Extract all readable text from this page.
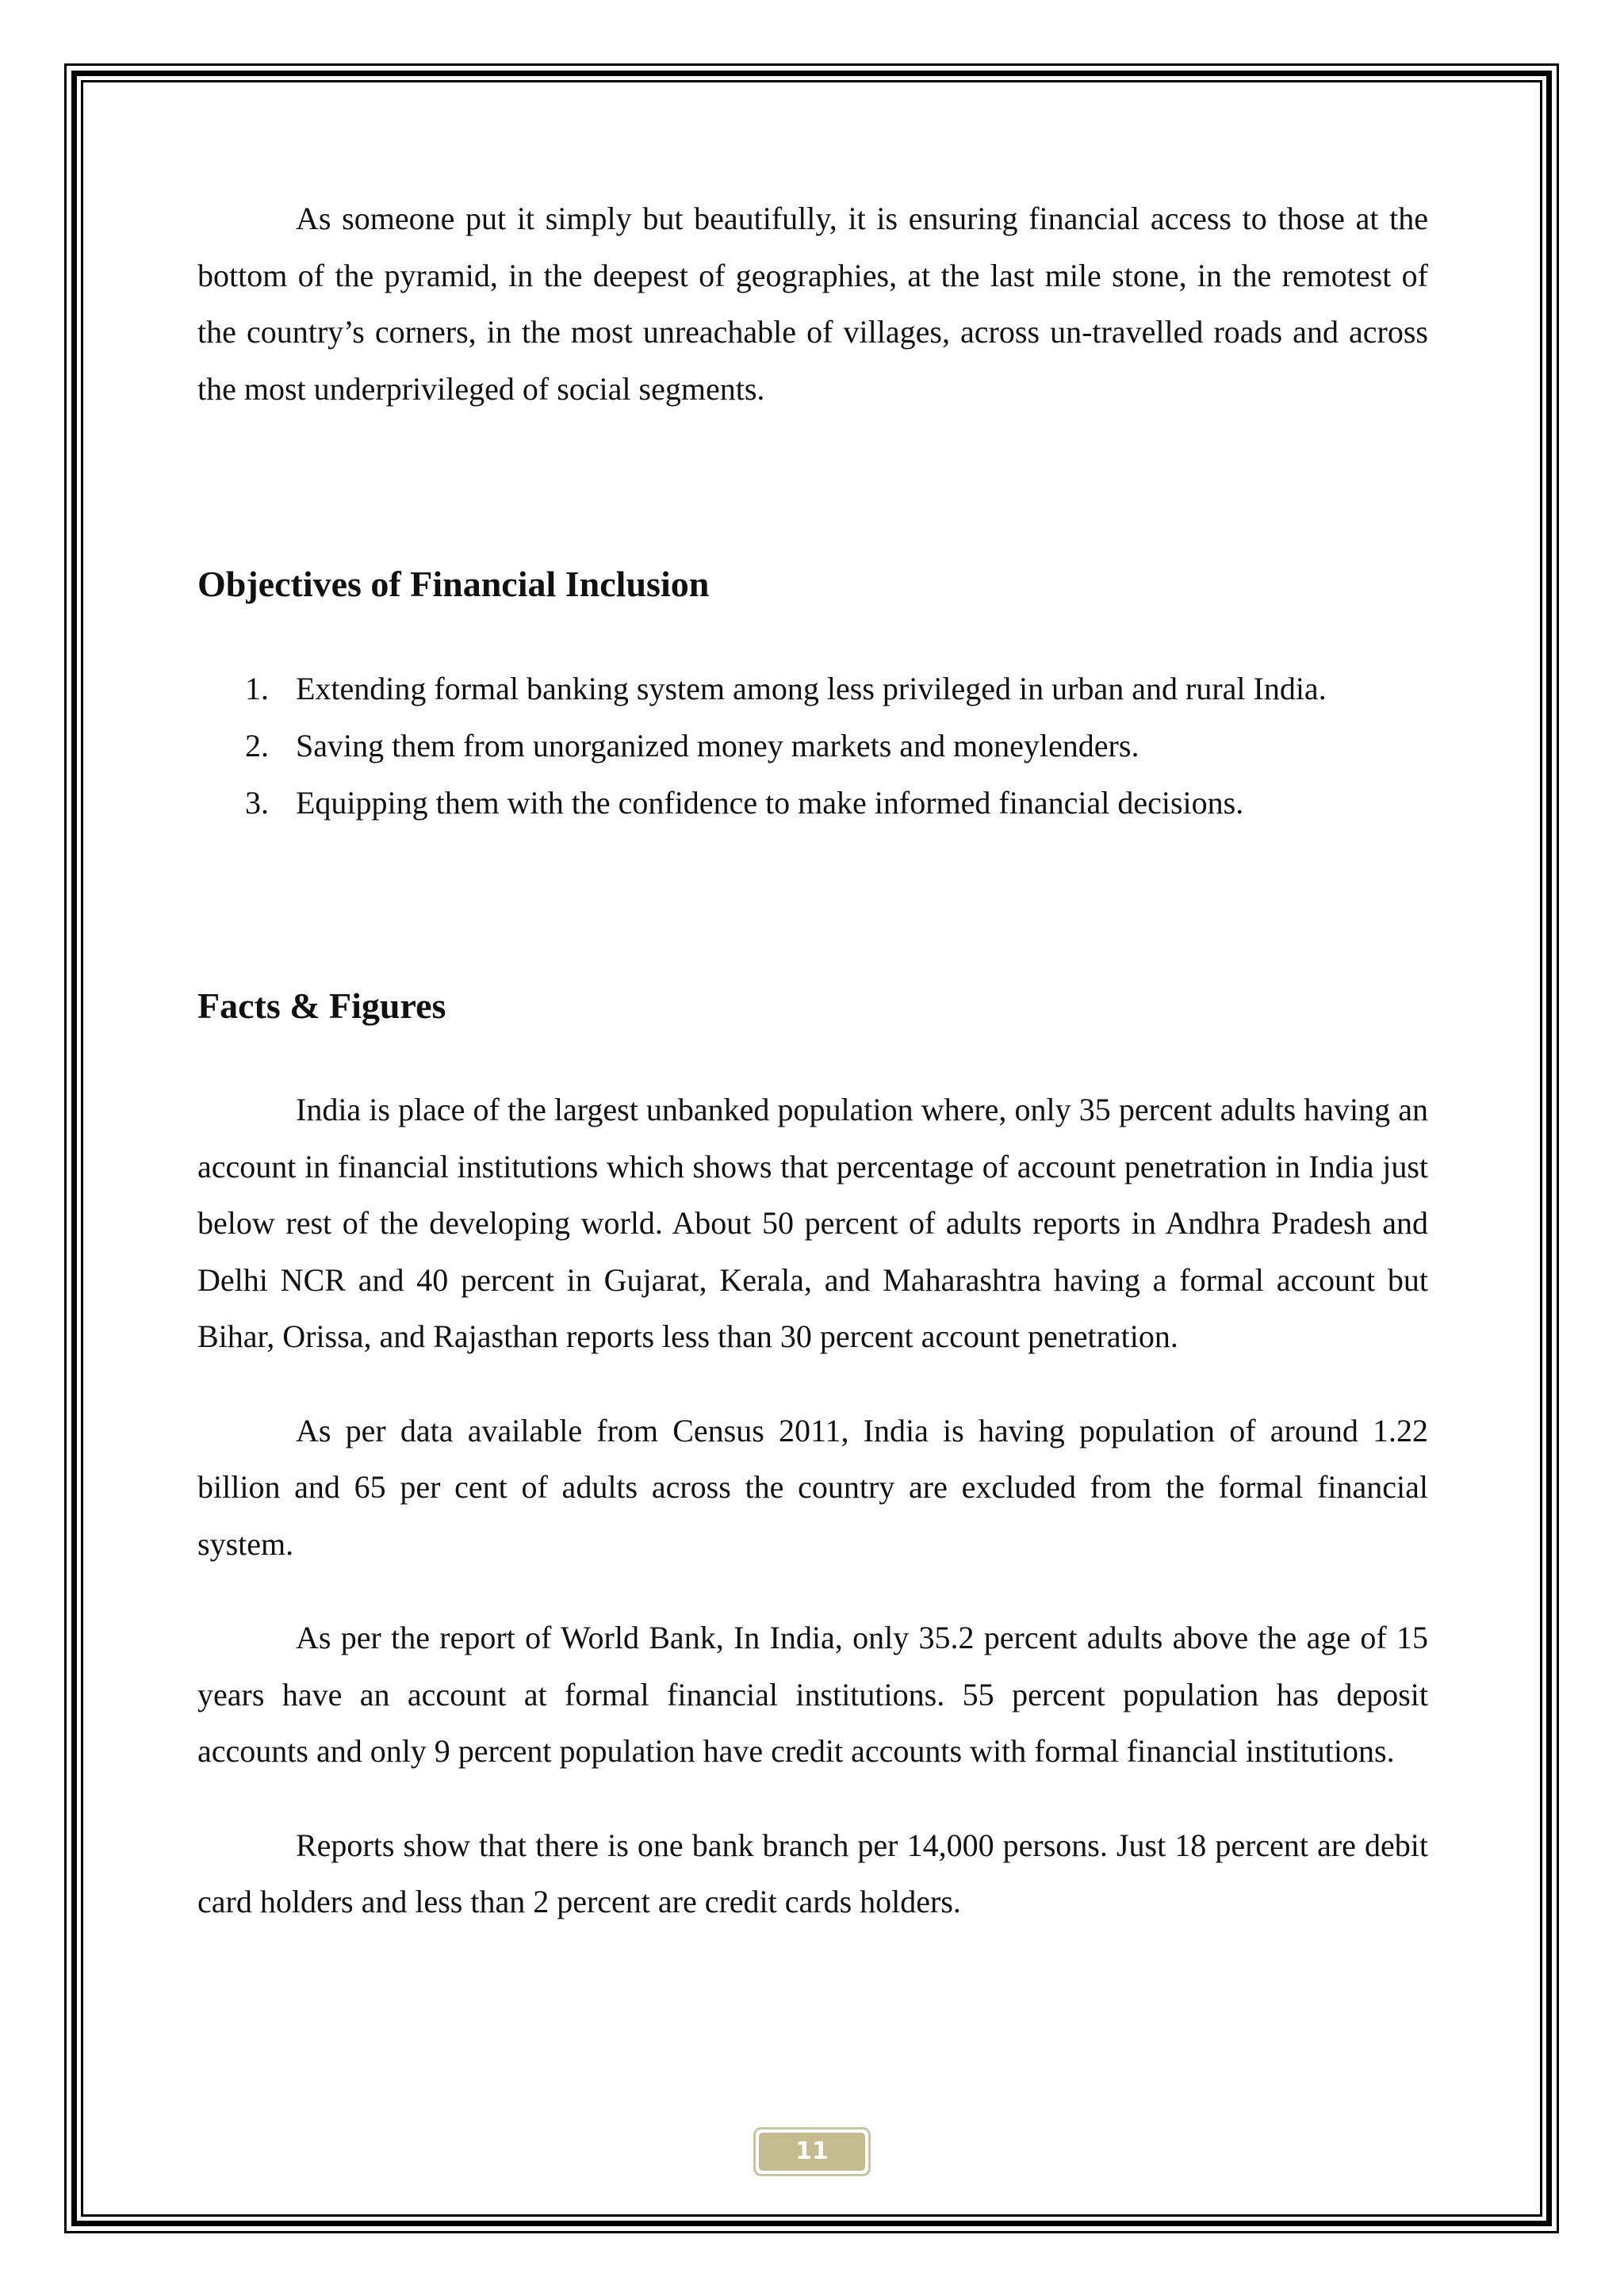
As someone put it simply but beautifully, it is ensuring financial access to those at the bottom of the pyramid, in the deepest of geographies, at the last mile stone, in the remotest of the country’s corners, in the most unreachable of villages, across un-travelled roads and across the most underprivileged of social segments.

Objectives of Financial Inclusion
1. Extending formal banking system among less privileged in urban and rural India.
2. Saving them from unorganized money markets and moneylenders.
3. Equipping them with the confidence to make informed financial decisions.
Facts & Figures

India is place of the largest unbanked population where, only 35 percent adults having an account in financial institutions which shows that percentage of account penetration in India just below rest of the developing world. About 50 percent of adults reports in Andhra Pradesh and Delhi NCR and 40 percent in Gujarat, Kerala, and Maharashtra having a formal account but Bihar, Orissa, and Rajasthan reports less than 30 percent account penetration.

As per data available from Census 2011, India is having population of around 1.22 billion and 65 per cent of adults across the country are excluded from the formal financial system.

As per the report of World Bank, In India, only 35.2 percent adults above the age of 15 years have an account at formal financial institutions. 55 percent population has deposit accounts and only 9 percent population have credit accounts with formal financial institutions.

Reports show that there is one bank branch per 14,000 persons. Just 18 percent are debit card holders and less than 2 percent are credit cards holders.

11
